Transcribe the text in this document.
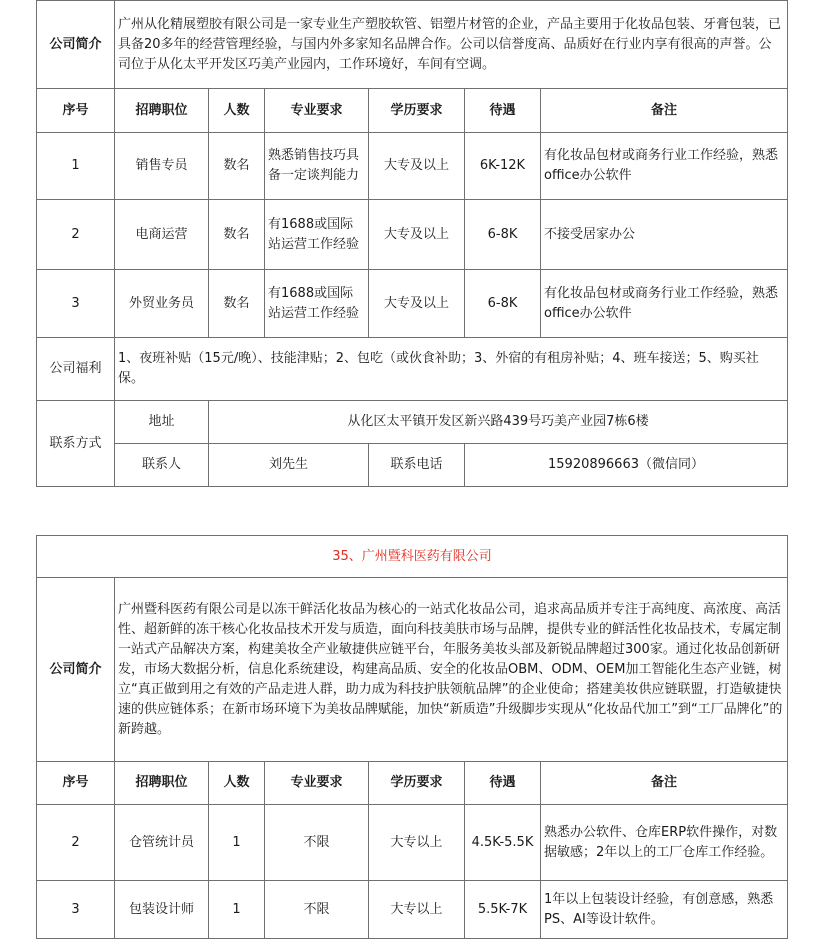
公司简介	广州从化精展塑胶有限公司是一家专业生产塑胶软管、铝塑片材管的企业，产品主要用于化妆品包装、牙膏包装，已具备20多年的经营管理经验，与国内外多家知名品牌合作。公司以信誉度高、品质好在行业内享有很高的声誉。公司位于从化太平开发区巧美产业园内，工作环境好，车间有空调。					
序号	招聘职位	人数	专业要求	学历要求	待遇	备注
1	销售专员	数名	熟悉销售技巧具备一定谈判能力	大专及以上	6K-12K	有化妆品包材或商务行业工作经验，熟悉office办公软件
2	电商运营	数名	有1688或国际站运营工作经验	大专及以上	6-8K	不接受居家办公
3	外贸业务员	数名	有1688或国际站运营工作经验	大专及以上	6-8K	有化妆品包材或商务行业工作经验，熟悉office办公软件
公司福利	1、夜班补贴（15元/晚）、技能津贴；2、包吃（或伙食补助；3、外宿的有租房补贴；4、班车接送；5、购买社保。					
联系方式	地址	从化区太平镇开发区新兴路439号巧美产业园7栋6楼				
	联系人	刘先生		联系电话	15920896663（微信同）	
35、广州暨科医药有限公司						
公司简介	广州暨科医药有限公司是以冻干鲜活化妆品为核心的一站式化妆品公司，追求高品质并专注于高纯度、高浓度、高活性、超新鲜的冻干核心化妆品技术开发与质造，面向科技美肤市场与品牌，提供专业的鲜活性化妆品技术，专属定制一站式产品解决方案，构建美妆全产业敏捷供应链平台，年服务美妆头部及新锐品牌超过300家。通过化妆品创新研发，市场大数据分析，信息化系统建设，构建高品质、安全的化妆品OBM、ODM、OEM加工智能化生态产业链，树立“真正做到用之有效的产品走进人群，助力成为科技护肤领航品牌”的企业使命；搭建美妆供应链联盟，打造敏捷快速的供应链体系；在新市场环境下为美妆品牌赋能，加快“新质造”升级脚步实现从“化妆品代加工”到“工厂品牌化”的新跨越。					
序号	招聘职位	人数	专业要求	学历要求	待遇	备注
2	仓管统计员	1	不限	大专以上	4.5K-5.5K	熟悉办公软件、仓库ERP软件操作，对数据敏感；2年以上的工厂仓库工作经验。
3	包装设计师	1	不限	大专以上	5.5K-7K	1年以上包装设计经验，有创意感，熟悉PS、AI等设计软件。
